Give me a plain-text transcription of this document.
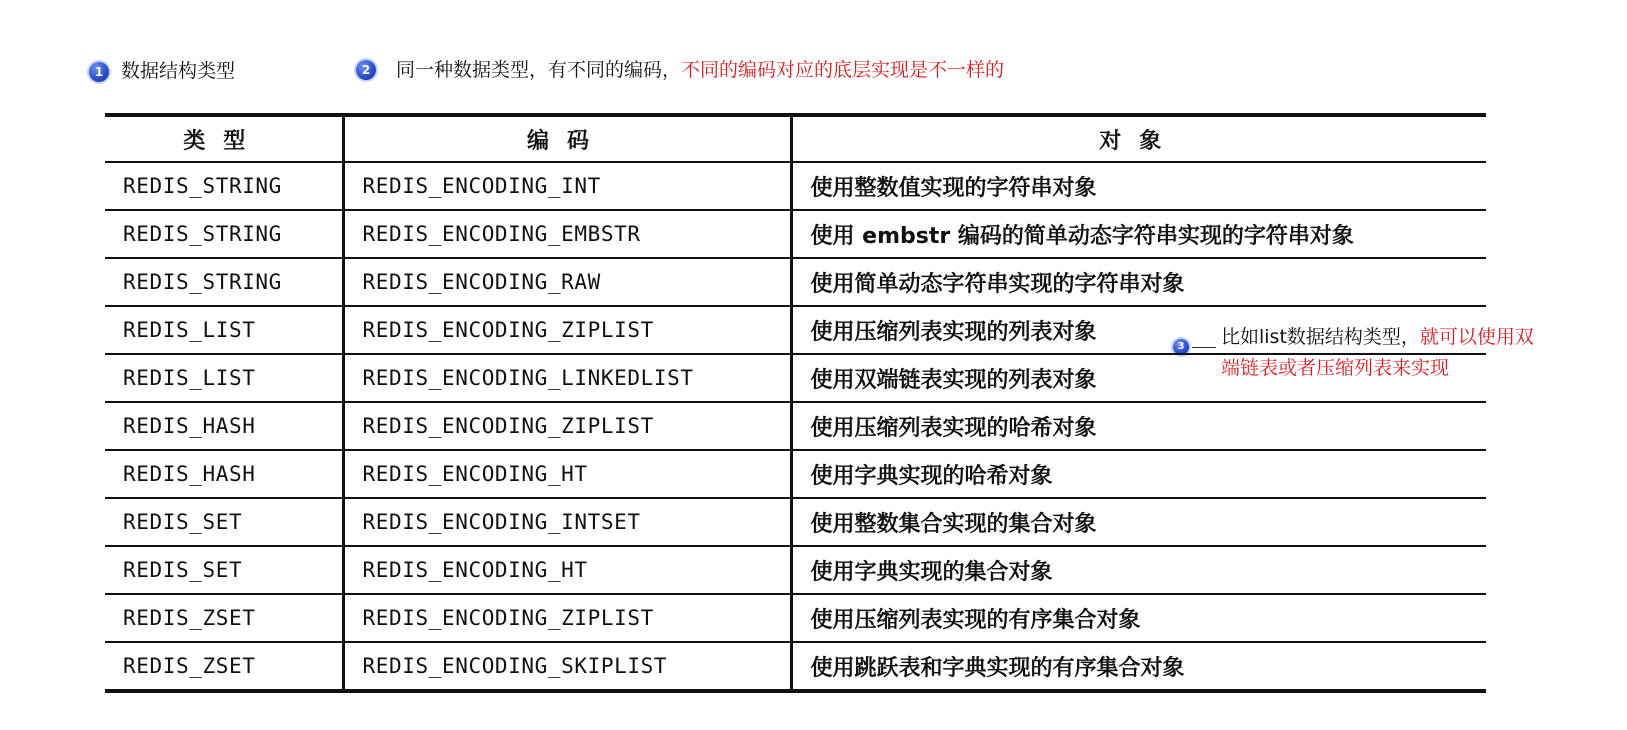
1 数据结构类型	2	同一种数据类型，有不同的编码，不同的编码对应的底层实现是不一样的
3 比如list数据结构类型，就可以使用双
端链表或者压缩列表来实现
类型	编码	对象
REDIS_STRING	REDIS_ENCODING_INT	使用整数值实现的字符串对象
REDIS_STRING	REDIS_ENCODING_EMBSTR	使用 embstr 编码的简单动态字符串实现的字符串对象
REDIS_STRING	REDIS_ENCODING_RAW	使用简单动态字符串实现的字符串对象
REDIS_LIST	REDIS_ENCODING_ZIPLIST	使用压缩列表实现的列表对象
REDIS_LIST	REDIS_ENCODING_LINKEDLIST	使用双端链表实现的列表对象
REDIS_HASH	REDIS_ENCODING_ZIPLIST	使用压缩列表实现的哈希对象
REDIS_HASH	REDIS_ENCODING_HT	使用字典实现的哈希对象
REDIS_SET	REDIS_ENCODING_INTSET	使用整数集合实现的集合对象
REDIS_SET	REDIS_ENCODING_HT	使用字典实现的集合对象
REDIS_ZSET	REDIS_ENCODING_ZIPLIST	使用压缩列表实现的有序集合对象
REDIS_ZSET	REDIS_ENCODING_SKIPLIST	使用跳跃表和字典实现的有序集合对象
